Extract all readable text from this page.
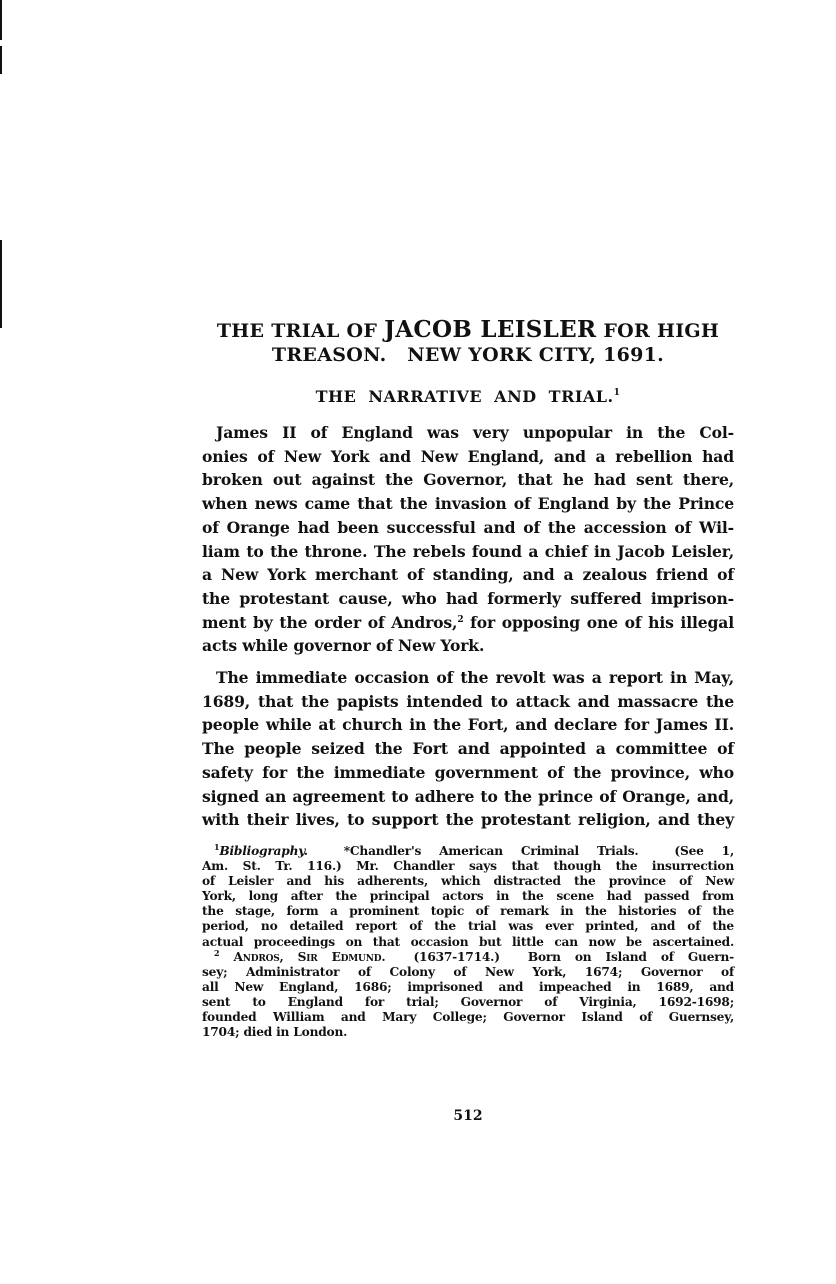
THE TRIAL OF JACOB LEISLER FOR HIGH
TREASON.   NEW YORK CITY, 1691.
THE NARRATIVE AND TRIAL.$^1$
James II of England was very unpopular in the Col-
onies of New York and New England, and a rebellion had
broken out against the Governor, that he had sent there,
when news came that the invasion of England by the Prince
of Orange had been successful and of the accession of Wil-
liam to the throne. The rebels found a chief in Jacob Leisler,
a New York merchant of standing, and a zealous friend of
the protestant cause, who had formerly suffered imprison-
ment by the order of Andros,$^2$ for opposing one of his illegal
acts while governor of New York.
The immediate occasion of the revolt was a report in May,
1689, that the papists intended to attack and massacre the
people while at church in the Fort, and declare for James II.
The people seized the Fort and appointed a committee of
safety for the immediate government of the province, who
signed an agreement to adhere to the prince of Orange, and,
with their lives, to support the protestant religion, and they
$^1$Bibliography.  *Chandler's American Criminal Trials.  (See 1,
Am. St. Tr. 116.) Mr. Chandler says that though the insurrection
of Leisler and his adherents, which distracted the province of New
York, long after the principal actors in the scene had passed from
the stage, form a prominent topic of remark in the histories of the
period, no detailed report of the trial was ever printed, and of the
actual proceedings on that occasion but little can now be ascertained.
$^2$ Andros, Sir Edmund.  (1637-1714.)  Born on Island of Guern-
sey; Administrator of Colony of New York, 1674; Governor of
all New England, 1686; imprisoned and impeached in 1689, and
sent to England for trial; Governor of Virginia, 1692-1698;
founded William and Mary College; Governor Island of Guernsey,
1704; died in London.
512
